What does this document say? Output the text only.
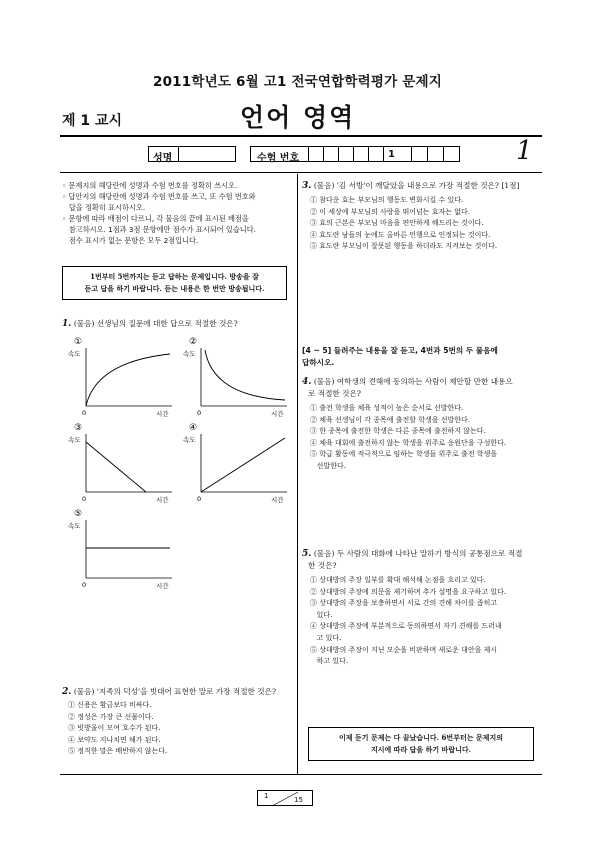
2011학년도 6월 고1 전국연합학력평가 문제지
제 1 교시	언어 영역
성명	수험 번호	1	1
◦ 문제지의 해당란에 성명과 수험 번호를 정확히 쓰시오.
◦ 답안지의 해당란에 성명과 수험 번호를 쓰고, 또 수험 번호와
답을 정확히 표시하시오.
◦ 문항에 따라 배점이 다르니, 각 물음의 끝에 표시된 배점을
참고하시오. 1점과 3점 문항에만 점수가 표시되어 있습니다.
점수 표시가 없는 문항은 모두 2점입니다.
1번부터 5번까지는 듣고 답하는 문제입니다. 방송을 잘
듣고 답을 하기 바랍니다. 듣는 내용은 한 번만 방송됩니다.
1. (물음) 선생님의 질문에 대한 답으로 적절한 것은?
①
속도
0	시간
②
속도
0	시간
③
속도
0	시간
④
속도
0	시간
⑤
속도
0	시간
2. (물음) '지족의 덕성'을 빗대어 표현한 말로 가장 적절한 것은?
① 신용은 황금보다 비싸다.
② 정성은 가장 큰 선물이다.
③ 빗방울이 모여 호수가 된다.
④ 보약도 지나치면 해가 된다.
⑤ 정직한 말은 배반하지 않는다.
3. (물음) '김 서방'이 깨달았을 내용으로 가장 적절한 것은? [1점]
① 참다운 효는 부모님의 행동도 변화시킬 수 있다.
② 이 세상에 부모님의 사랑을 뛰어넘는 효자는 없다.
③ 효의 근본은 부모님 마음을 편안하게 해드리는 것이다.
④ 효도란 남들의 눈에도 올바른 언행으로 인정되는 것이다.
⑤ 효도란 부모님이 잘못된 행동을 하더라도 지켜보는 것이다.
[4 ~ 5] 들려주는 내용을 잘 듣고, 4번과 5번의 두 물음에
답하시오.
4. (물음) 여학생의 견해에 동의하는 사람이 제안할 만한 내용으
로 적절한 것은?
① 출전 학생을 체육 성적이 높은 순서로 선발한다.
② 체육 선생님이 각 종목에 출전할 학생을 선발한다.
③ 한 종목에 출전한 학생은 다른 종목에 출전하지 않는다.
④ 체육 대회에 출전하지 않는 학생을 위주로 응원단을 구성한다.
⑤ 학급 활동에 적극적으로 임하는 학생들 위주로 출전 학생을
선발한다.
5. (물음) 두 사람의 대화에 나타난 말하기 방식의 공통점으로 적절
한 것은?
① 상대방의 주장 일부를 확대 해석해 논점을 흐리고 있다.
② 상대방의 주장에 의문을 제기하며 추가 설명을 요구하고 있다.
③ 상대방의 주장을 보충하면서 서로 간의 견해 차이를 좁히고
있다.
④ 상대방의 주장에 부분적으로 동의하면서 자기 견해를 드러내
고 있다.
⑤ 상대방의 주장이 지닌 모순을 비판하며 새로운 대안을 제시
하고 있다.
이제 듣기 문제는 다 끝났습니다. 6번부터는 문제지의
지시에 따라 답을 하기 바랍니다.
1	15
